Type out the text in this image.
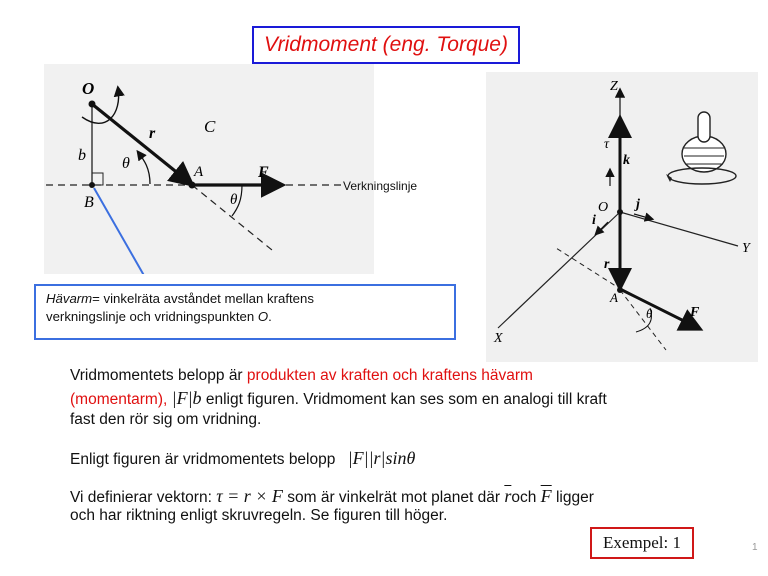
Vridmoment (eng. Torque)
O
r	C
b θ	A	F
θ
B
Verkningslinje
Hävarm= vinkelräta avståndet mellan kraftens
verkningslinje och vridningspunkten O.
Z
τ
k
O j
i
Y
X
r
A
θ	F
Vridmomentets belopp är produkten av kraften och kraftens hävarm
(momentarm), |F|b enligt figuren. Vridmoment kan ses som en analogi till kraft
fast den rör sig om vridning.
Enligt figuren är vridmomentets belopp |F||r|sinθ
Vi definierar vektorn: τ = r × F som är vinkelrät mot planet där $\overline{r}och$ $\overline{F}$ ligger
och har riktning enligt skruvregeln. Se figuren till höger.
Exempel: 1	1
